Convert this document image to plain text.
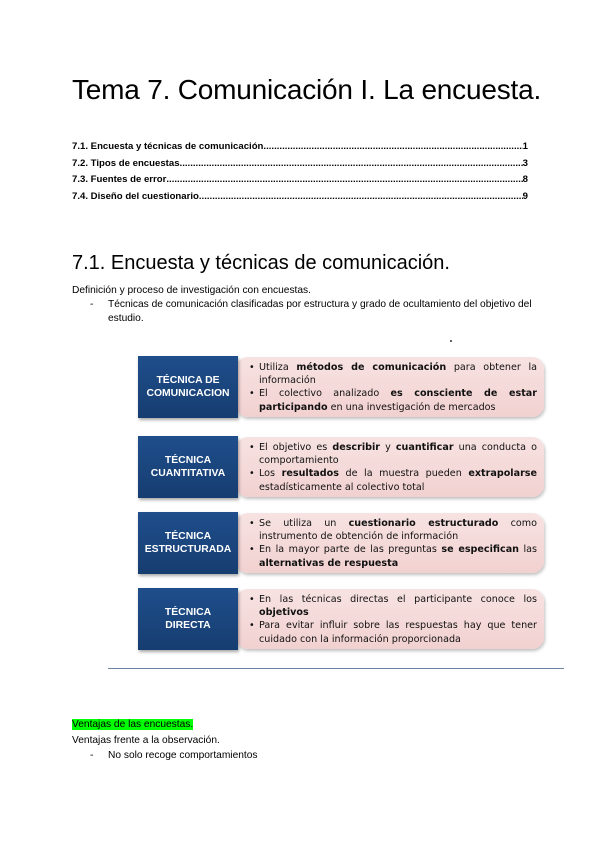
Tema 7. Comunicación I. La encuesta.
7.1. Encuesta y técnicas de comunicación .....	1
7.2. Tipos de encuestas .....	3
7.3. Fuentes de error .....	8
7.4. Diseño del cuestionario .....	9
7.1. Encuesta y técnicas de comunicación.
Definición y proceso de investigación con encuestas.
- Técnicas de comunicación clasificadas por estructura y grado de ocultamiento del objetivo del estudio.
TÉCNICA DE
COMUNICACION
• Utiliza métodos de comunicación para obtener la información
• El colectivo analizado es consciente de estar participando en una investigación de mercados
TÉCNICA
CUANTITATIVA
• El objetivo es describir y cuantificar una conducta o comportamiento
• Los resultados de la muestra pueden extrapolarse estadísticamente al colectivo total
TÉCNICA
ESTRUCTURADA
• Se utiliza un cuestionario estructurado como instrumento de obtención de información
• En la mayor parte de las preguntas se especifican las alternativas de respuesta
TÉCNICA
DIRECTA
• En las técnicas directas el participante conoce los objetivos
• Para evitar influir sobre las respuestas hay que tener cuidado con la información proporcionada
Ventajas de las encuestas.
Ventajas frente a la observación.
- No solo recoge comportamientos
